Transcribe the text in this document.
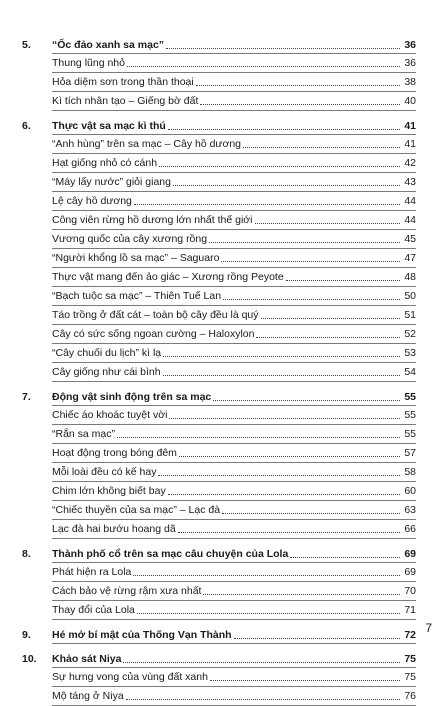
5.	“Ốc đảo xanh sa mạc”	36
Thung lũng nhỏ	36
Hỏa diệm sơn trong thần thoại	38
Kì tích nhân tạo – Giếng bờ đất	40
6.	Thực vật sa mạc kì thú	41
“Anh hùng” trên sa mạc – Cây hồ dương	41
Hạt giống nhỏ có cánh	42
“Máy lấy nước” giỏi giang	43
Lệ cây hồ dương	44
Công viên rừng hồ dương lớn nhất thế giới	44
Vương quốc của cây xương rồng	45
“Người khổng lồ sa mạc” – Saguaro	47
Thực vật mang đến ảo giác – Xương rồng Peyote	48
“Bạch tuộc sa mạc” – Thiên Tuế Lan	50
Táo trồng ở đất cát – toàn bộ cây đều là quý	51
Cây có sức sống ngoan cường – Haloxylon	52
“Cây chuối du lịch” kì lạ	53
Cây giống như cái bình	54
7.	Động vật sinh động trên sa mạc	55
Chiếc áo khoác tuyệt vời	55
“Rắn sa mạc”	55
Hoạt động trong bóng đêm	57
Mỗi loài đều có kế hay	58
Chim lớn không biết bay	60
“Chiếc thuyền của sa mạc” – Lạc đà	63
Lạc đà hai bướu hoang dã	66
8.	Thành phố cổ trên sa mạc câu chuyện của Lola	69
Phát hiện ra Lola	69
Cách bảo vệ rừng rậm xưa nhất	70
Thay đổi của Lola	71
9.	Hé mở bí mật của Thống Vạn Thành	72
10.	Khảo sát Niya	75
Sự hưng vong của vùng đất xanh	75
Mộ táng ở Niya	76
7
